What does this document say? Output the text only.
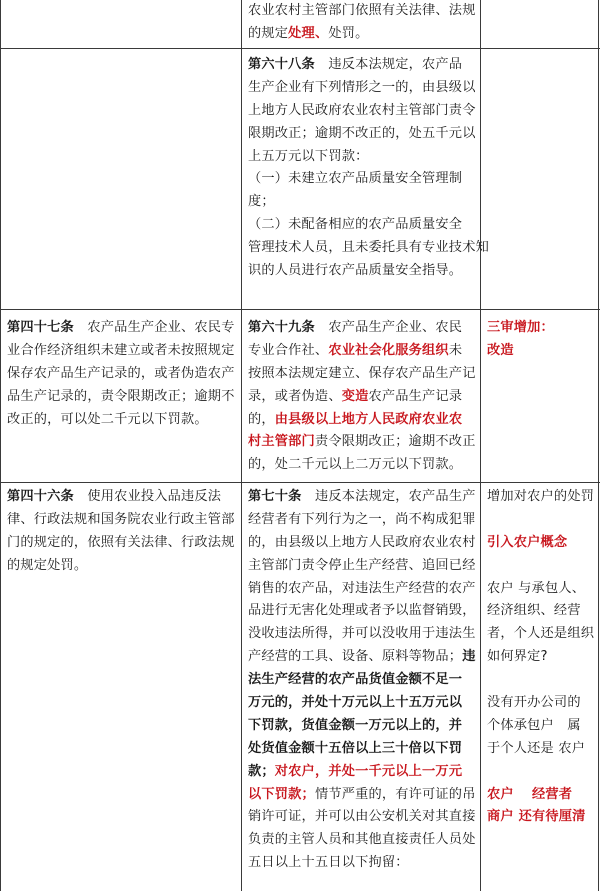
农业农村主管部门依照有关法律、法规
的规定处理、处罚。
第六十八条　违反本法规定，农产品
生产企业有下列情形之一的，由县级以
上地方人民政府农业农村主管部门责令
限期改正；逾期不改正的，处五千元以
上五万元以下罚款：
（一）未建立农产品质量安全管理制
度；
（二）未配备相应的农产品质量安全
管理技术人员，且未委托具有专业技术知
识的人员进行农产品质量安全指导。
第四十七条　农产品生产企业、农民专
业合作经济组织未建立或者未按照规定
保存农产品生产记录的，或者伪造农产
品生产记录的，责令限期改正；逾期不
改正的，可以处二千元以下罚款。
第六十九条　农产品生产企业、农民
专业合作社、农业社会化服务组织未
按照本法规定建立、保存农产品生产记
录，或者伪造、变造农产品生产记录
的，由县级以上地方人民政府农业农
村主管部门责令限期改正；逾期不改正
的，处二千元以上二万元以下罚款。
三审增加：
改造
第四十六条　使用农业投入品违反法
律、行政法规和国务院农业行政主管部
门的规定的，依照有关法律、行政法规
的规定处罚。
第七十条　违反本法规定，农产品生产
经营者有下列行为之一，尚不构成犯罪
的，由县级以上地方人民政府农业农村
主管部门责令停止生产经营、追回已经
销售的农产品，对违法生产经营的农产
品进行无害化处理或者予以监督销毁，
没收违法所得，并可以没收用于违法生
产经营的工具、设备、原料等物品；违
法生产经营的农产品货值金额不足一
万元的，并处十万元以上十五万元以
下罚款，货值金额一万元以上的，并
处货值金额十五倍以上三十倍以下罚
款；对农户，并处一千元以上一万元
以下罚款；情节严重的，有许可证的吊
销许可证，并可以由公安机关对其直接
负责的主管人员和其他直接责任人员处
五日以上十五日以下拘留：
增加对农户的处罚
引入农户概念
农户 与承包人、
经济组织、经营
者，个人还是组织
如何界定?
没有开办公司的
个体承包户　属
于个人还是 农户
农户　 经营者
商户 还有待厘清
